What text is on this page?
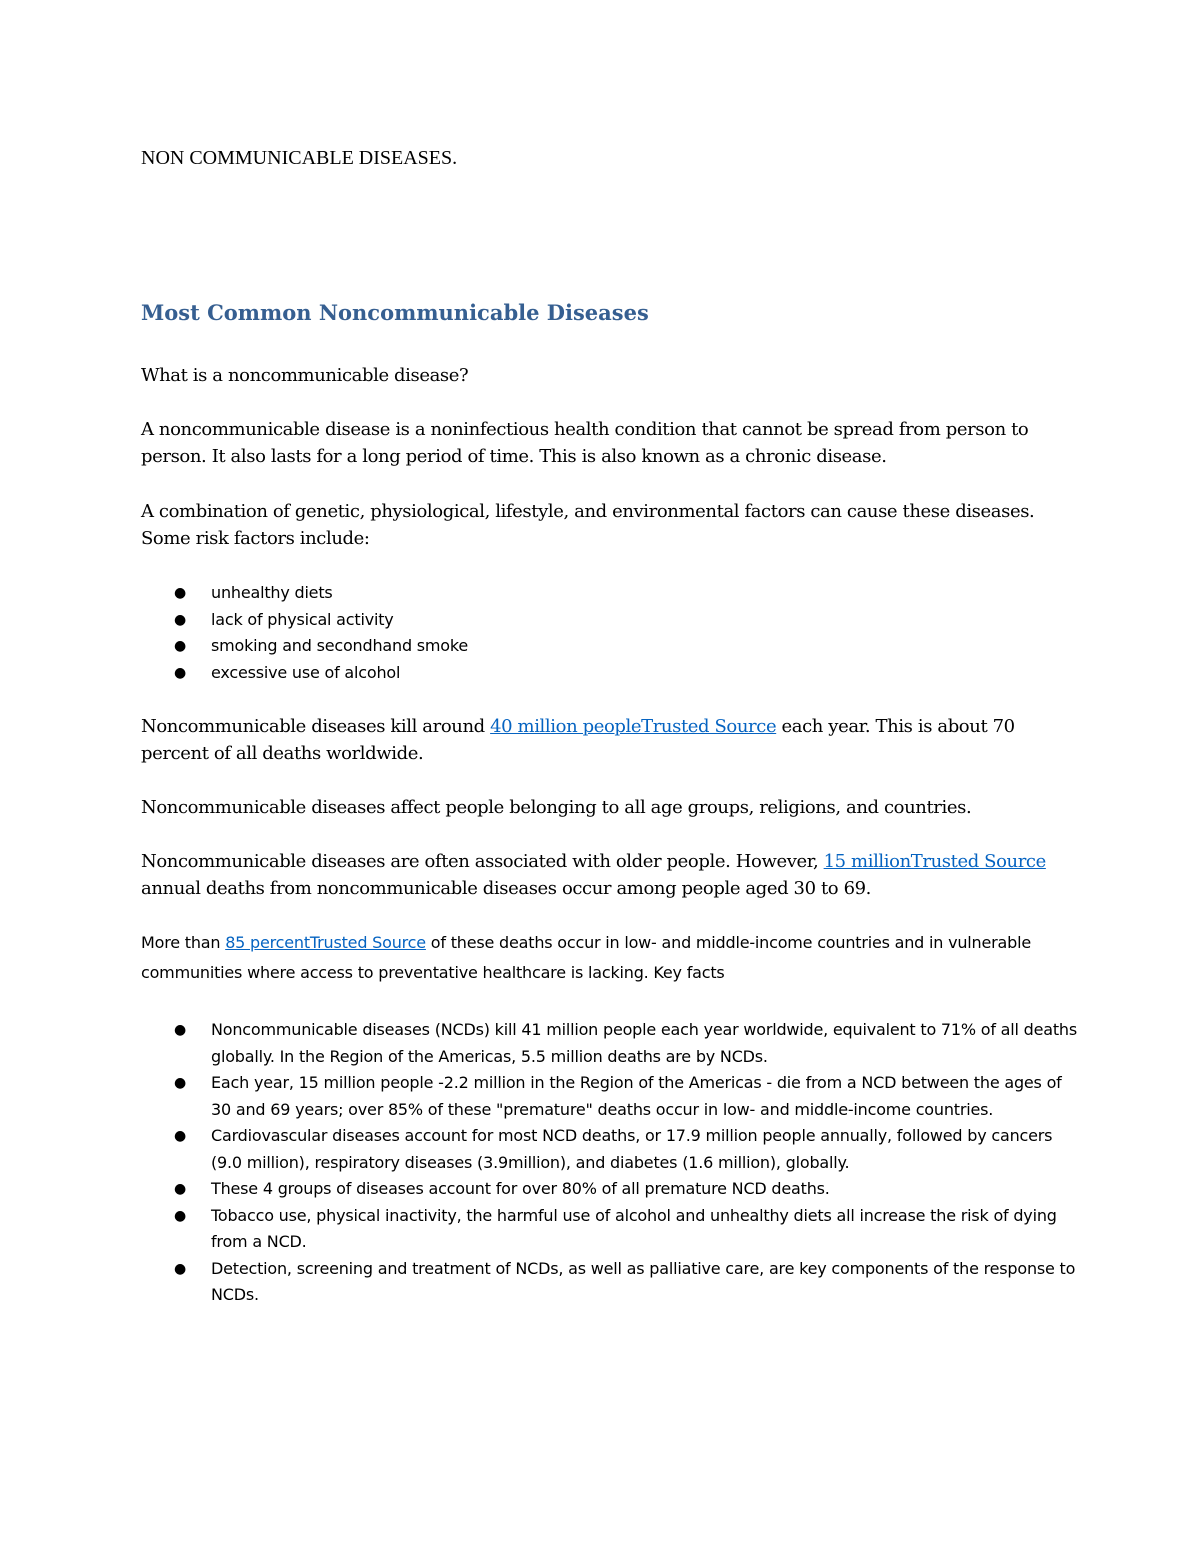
NON COMMUNICABLE DISEASES.

Most Common Noncommunicable Diseases

What is a noncommunicable disease?

A noncommunicable disease is a noninfectious health condition that cannot be spread from person to person. It also lasts for a long period of time. This is also known as a chronic disease.

A combination of genetic, physiological, lifestyle, and environmental factors can cause these diseases. Some risk factors include:

● unhealthy diets
● lack of physical activity
● smoking and secondhand smoke
● excessive use of alcohol

Noncommunicable diseases kill around 40 million peopleTrusted Source each year. This is about 70 percent of all deaths worldwide.

Noncommunicable diseases affect people belonging to all age groups, religions, and countries.

Noncommunicable diseases are often associated with older people. However, 15 millionTrusted Source annual deaths from noncommunicable diseases occur among people aged 30 to 69.

More than 85 percentTrusted Source of these deaths occur in low- and middle-income countries and in vulnerable communities where access to preventative healthcare is lacking. Key facts

● Noncommunicable diseases (NCDs) kill 41 million people each year worldwide, equivalent to 71% of all deaths globally. In the Region of the Americas, 5.5 million deaths are by NCDs.
● Each year, 15 million people -2.2 million in the Region of the Americas - die from a NCD between the ages of 30 and 69 years; over 85% of these "premature" deaths occur in low- and middle-income countries.
● Cardiovascular diseases account for most NCD deaths, or 17.9 million people annually, followed by cancers (9.0 million), respiratory diseases (3.9million), and diabetes (1.6 million), globally.
● These 4 groups of diseases account for over 80% of all premature NCD deaths.
● Tobacco use, physical inactivity, the harmful use of alcohol and unhealthy diets all increase the risk of dying from a NCD.
● Detection, screening and treatment of NCDs, as well as palliative care, are key components of the response to NCDs.
